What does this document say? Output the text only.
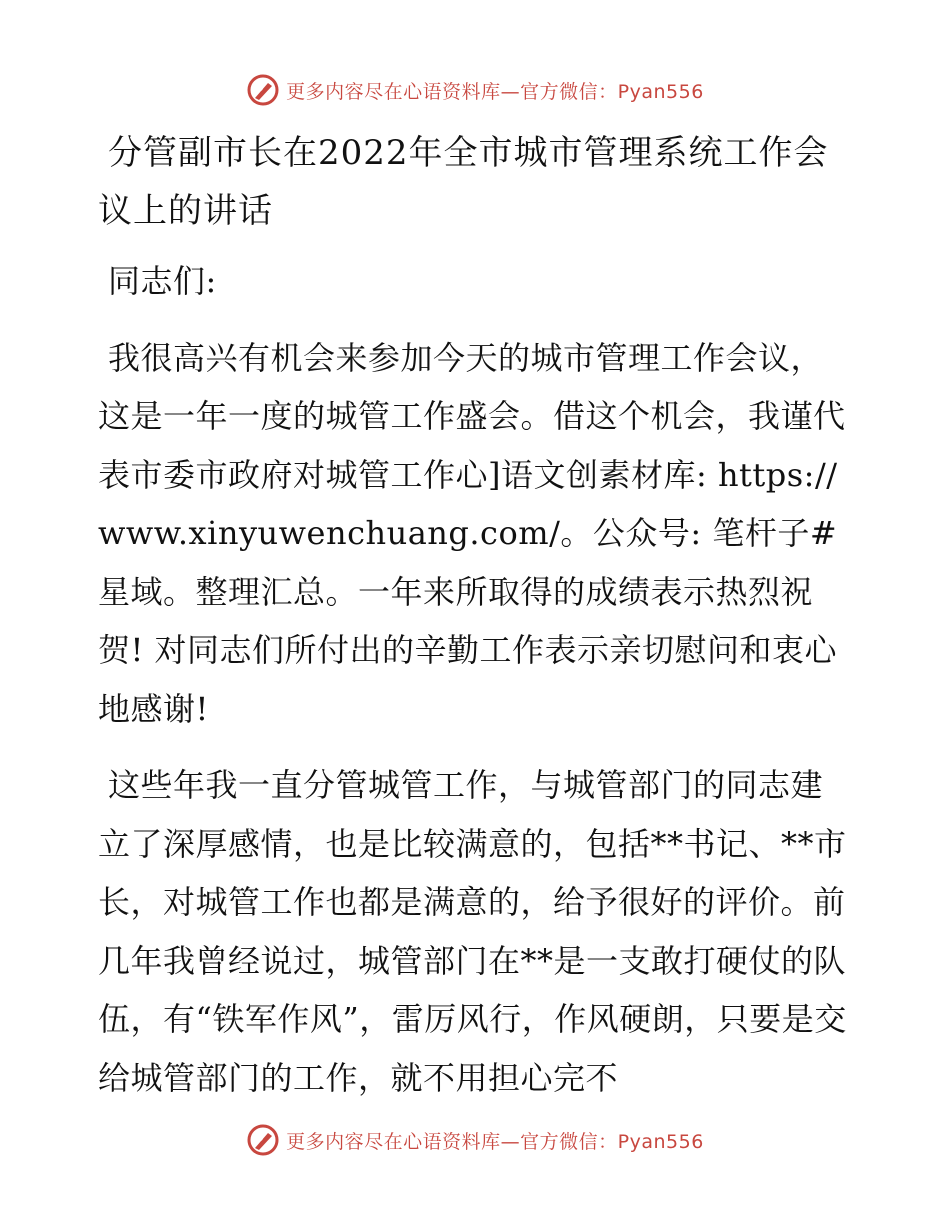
更多内容尽在心语资料库—官方微信：Pyan556
分管副市长在2022年全市城市管理系统工作会议上的讲话

同志们:

我很高兴有机会来参加今天的城市管理工作会议，这是一年一度的城管工作盛会。借这个机会，我谨代表市委市政府对城管工作心]语文创素材库: https://www.xinyuwenchuang.com/。公众号: 笔杆子#星域。整理汇总。一年来所取得的成绩表示热烈祝贺! 对同志们所付出的辛勤工作表示亲切慰问和衷心地感谢!

这些年我一直分管城管工作，与城管部门的同志建立了深厚感情，也是比较满意的，包括**书记、**市长，对城管工作也都是满意的，给予很好的评价。前几年我曾经说过，城管部门在**是一支敢打硬仗的队伍，有“铁军作风”，雷厉风行，作风硬朗，只要是交给城管部门的工作，就不用担心完不

更多内容尽在心语资料库—官方微信：Pyan556
